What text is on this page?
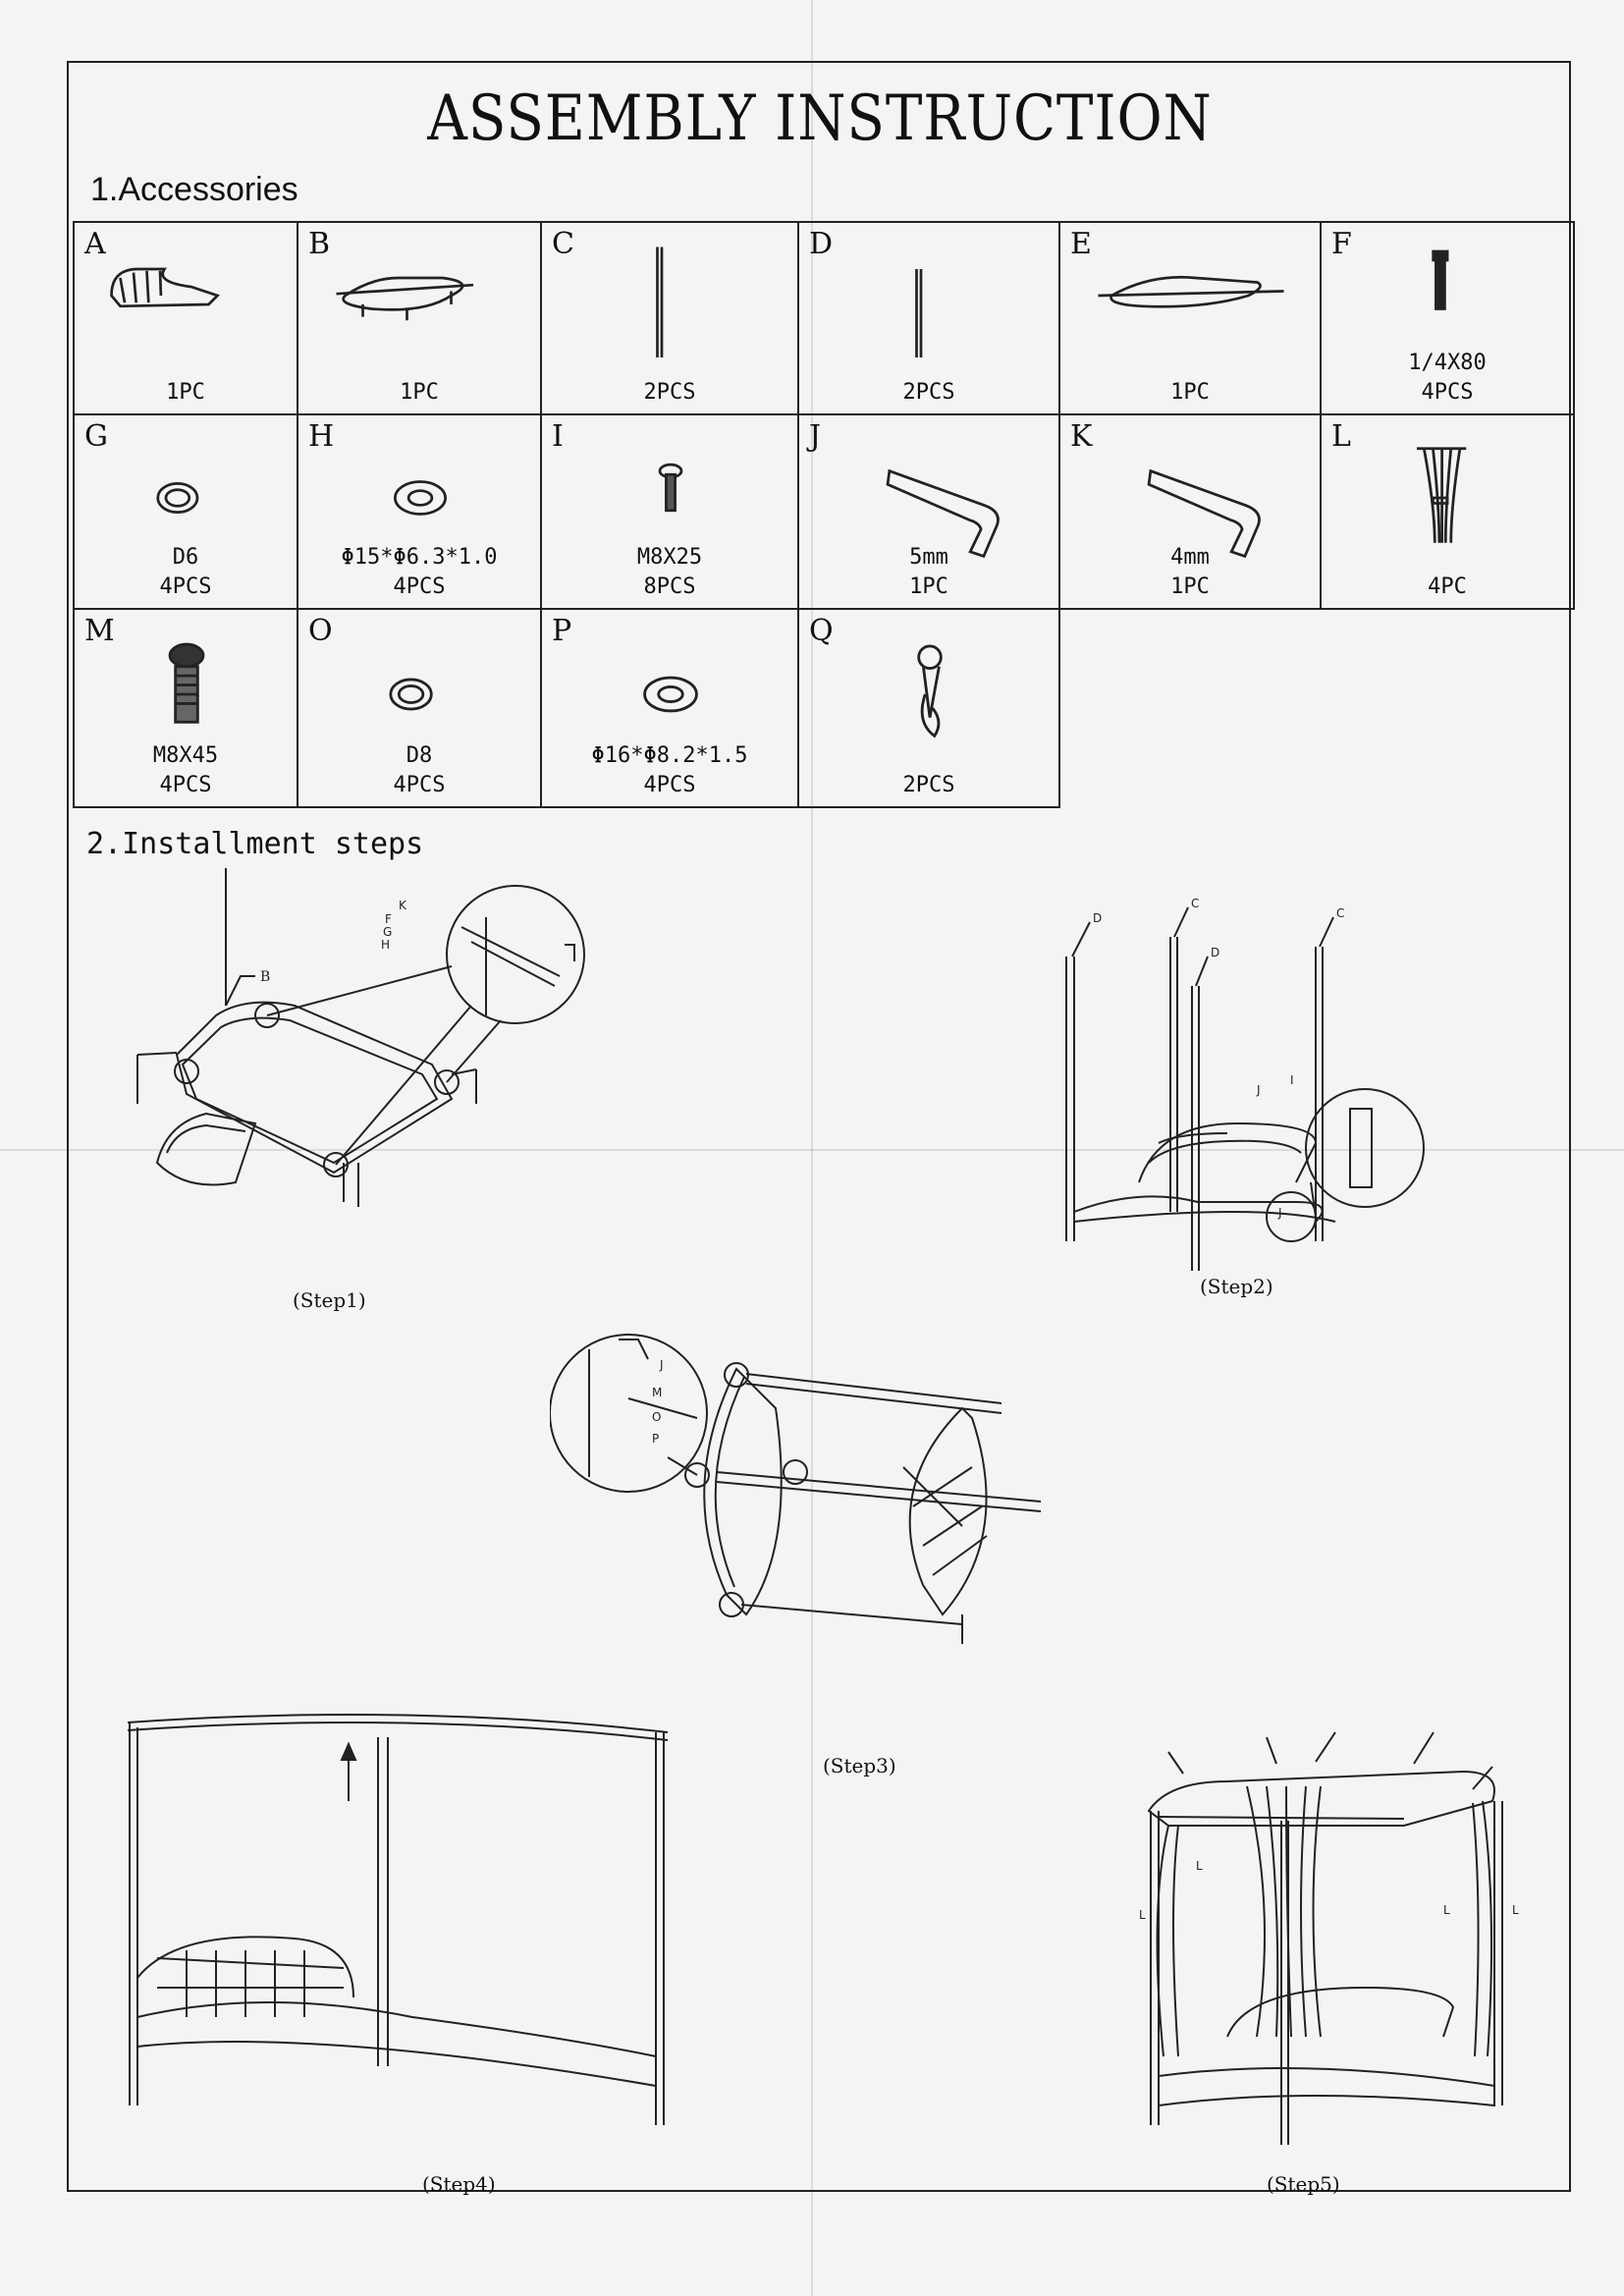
ASSEMBLY INSTRUCTION
1.Accessories
A
1PC
B
1PC
C
2PCS
D
2PCS
E
1PC
F
1/4X80
4PCS
G
D6
4PCS
H
Φ15*Φ6.3*1.0
4PCS
I
M8X25
8PCS
J
5mm
1PC
K
4mm
1PC
L
4PC
M
M8X45
4PCS
O
D8
4PCS
P
Φ16*Φ8.2*1.5
4PCS
Q
2PCS
2.Installment steps
B
K
F
G
H
D
C
D
C
J
I
J
(Step2)
(Step1)
J
M
O
P
(Step3)
(Step4)
L
L	L	L
(Step5)
